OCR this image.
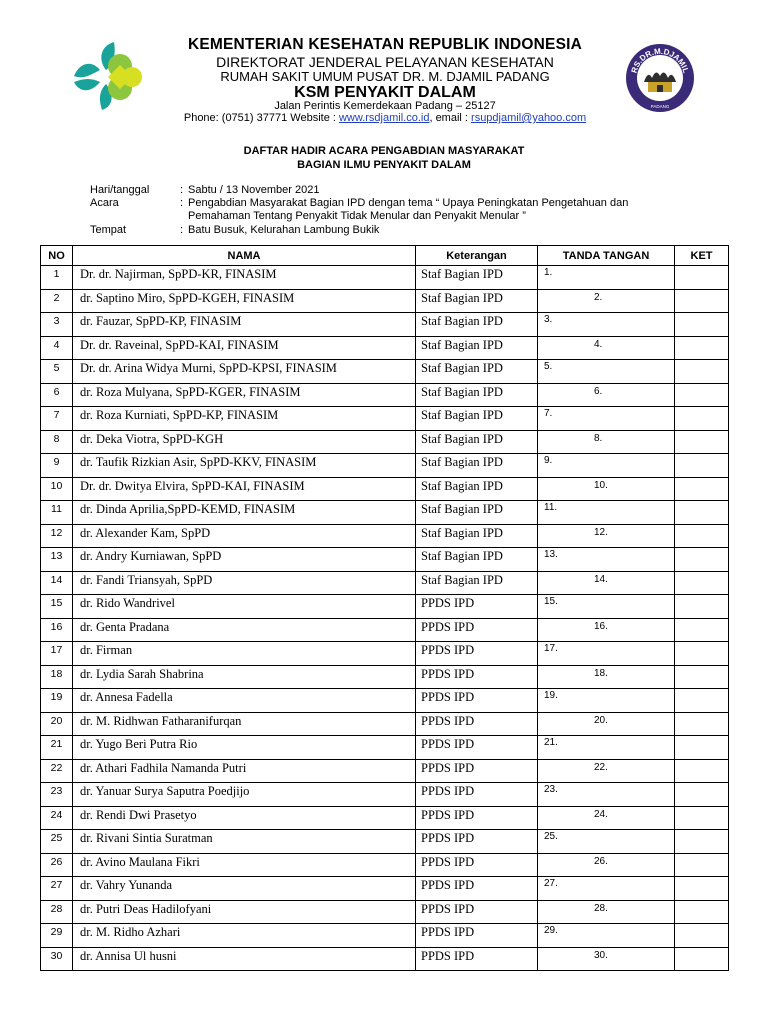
KEMENTERIAN KESEHATAN REPUBLIK INDONESIA
DIREKTORAT JENDERAL PELAYANAN KESEHATAN
RUMAH SAKIT UMUM PUSAT DR. M. DJAMIL PADANG
KSM PENYAKIT DALAM
Jalan Perintis Kemerdekaan Padang – 25127
Phone: (0751) 37771 Website : www.rsdjamil.co.id, email : rsupdjamil@yahoo.com
RS.DR.M.DJAMIL
PADANG
DAFTAR HADIR ACARA PENGABDIAN MASYARAKAT
BAGIAN ILMU PENYAKIT DALAM
Hari/tanggal	: Sabtu / 13 November 2021
Acara	: Pengabdian Masyarakat Bagian IPD dengan tema “ Upaya Peningkatan Pengetahuan dan
Pemahaman Tentang Penyakit Tidak Menular dan Penyakit Menular ”
Tempat	: Batu Busuk, Kelurahan Lambung Bukik
NO	NAMA	Keterangan	TANDA TANGAN	KET
1	Dr. dr. Najirman, SpPD-KR, FINASIM	Staf Bagian IPD	1.	

2	dr. Saptino Miro, SpPD-KGEH, FINASIM	Staf Bagian IPD	2.	

3	dr. Fauzar, SpPD-KP, FINASIM	Staf Bagian IPD	3.	

4	Dr. dr. Raveinal, SpPD-KAI, FINASIM	Staf Bagian IPD	4.	

5	Dr. dr. Arina Widya Murni, SpPD-KPSI, FINASIM	Staf Bagian IPD	5.	

6	dr. Roza Mulyana, SpPD-KGER, FINASIM	Staf Bagian IPD	6.	

7	dr. Roza Kurniati, SpPD-KP, FINASIM	Staf Bagian IPD	7.	

8	dr. Deka Viotra, SpPD-KGH	Staf Bagian IPD	8.	

9	dr. Taufik Rizkian Asir, SpPD-KKV, FINASIM	Staf Bagian IPD	9.	

10	Dr. dr. Dwitya Elvira, SpPD-KAI, FINASIM	Staf Bagian IPD	10.	

11	dr. Dinda Aprilia,SpPD-KEMD, FINASIM	Staf Bagian IPD	11.	

12	dr. Alexander Kam, SpPD	Staf Bagian IPD	12.	

13	dr. Andry Kurniawan, SpPD	Staf Bagian IPD	13.	

14	dr. Fandi Triansyah, SpPD	Staf Bagian IPD	14.	

15	dr. Rido Wandrivel	PPDS IPD	15.	

16	dr. Genta Pradana	PPDS IPD	16.	

17	dr. Firman	PPDS IPD	17.	

18	dr. Lydia Sarah Shabrina	PPDS IPD	18.	

19	dr. Annesa Fadella	PPDS IPD	19.	

20	dr. M. Ridhwan Fatharanifurqan	PPDS IPD	20.	

21	dr. Yugo Beri Putra Rio	PPDS IPD	21.	

22	dr. Athari Fadhila Namanda Putri	PPDS IPD	22.	

23	dr. Yanuar Surya Saputra Poedjijo	PPDS IPD	23.	

24	dr. Rendi Dwi Prasetyo	PPDS IPD	24.	

25	dr. Rivani Sintia Suratman	PPDS IPD	25.	

26	dr. Avino Maulana Fikri	PPDS IPD	26.	

27	dr. Vahry Yunanda	PPDS IPD	27.	

28	dr. Putri Deas Hadilofyani	PPDS IPD	28.	

29	dr. M. Ridho Azhari	PPDS IPD	29.	

30	dr. Annisa Ul husni	PPDS IPD	30.	
